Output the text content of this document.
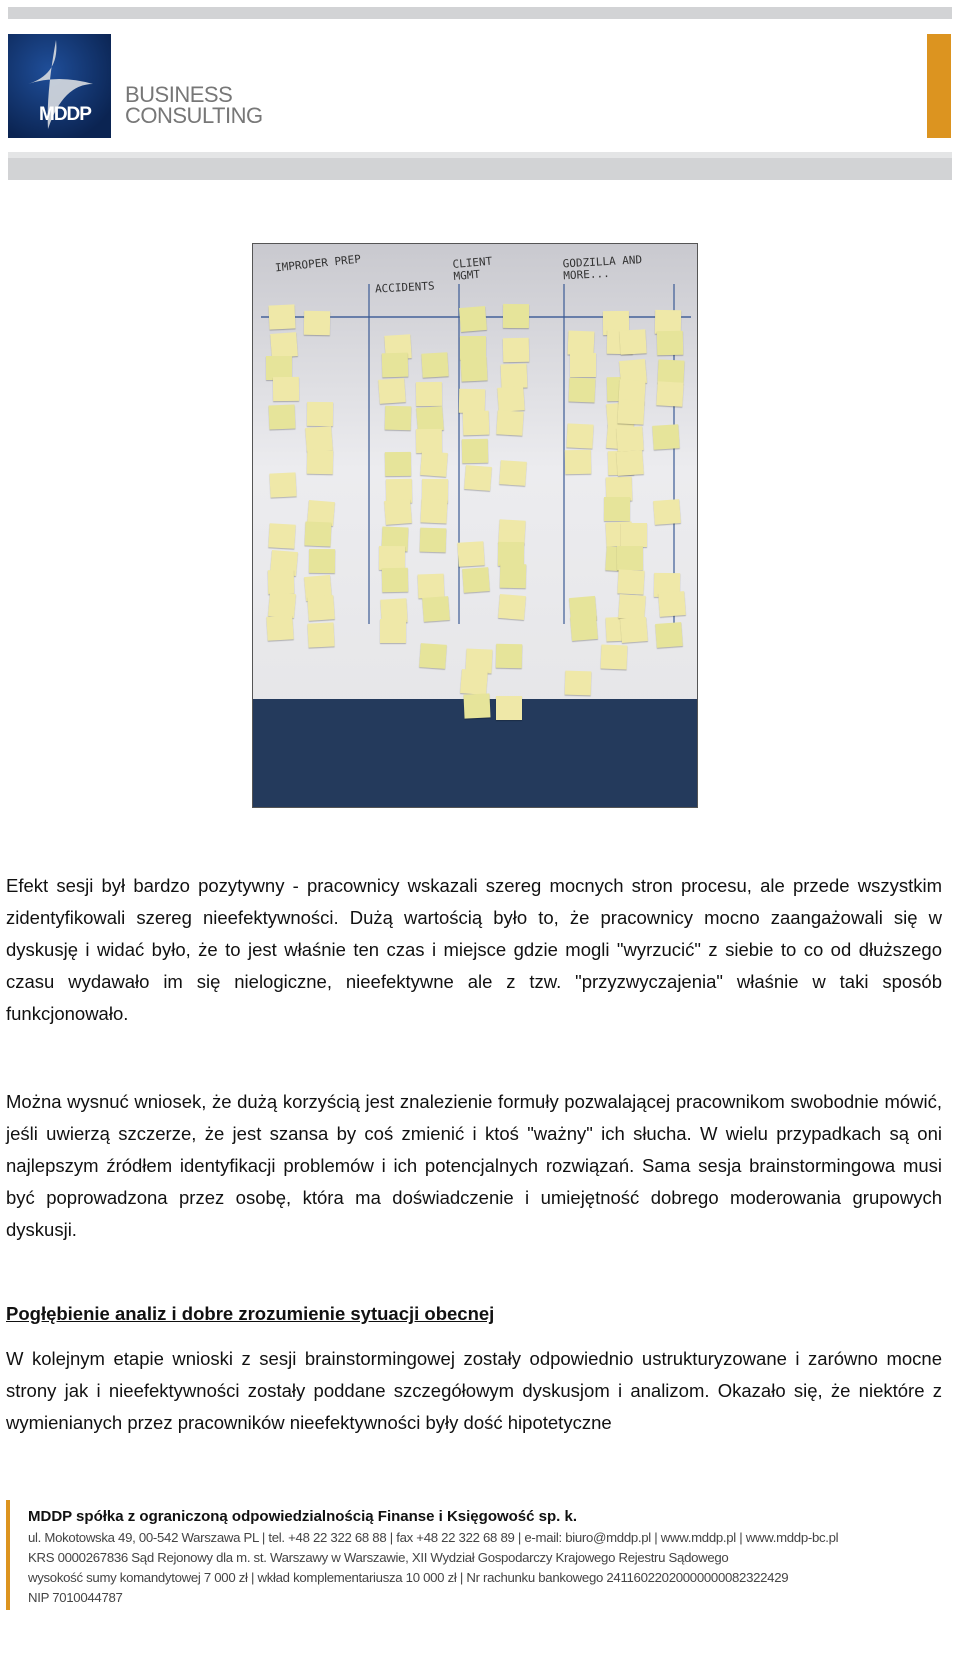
MDDP
BUSINESS
CONSULTING
IMPROPER PREP
ACCIDENTS
CLIENT MGMT
GODZILLA AND MORE...
Efekt sesji był bardzo pozytywny - pracownicy wskazali szereg mocnych stron procesu, ale przede wszystkim zidentyfikowali szereg nieefektywności. Dużą wartością było to, że pracownicy mocno zaangażowali się w dyskusję i widać było, że to jest właśnie ten czas i miejsce gdzie mogli "wyrzucić" z siebie to co od dłuższego czasu wydawało im się nielogiczne, nieefektywne ale z tzw. "przyzwyczajenia" właśnie w taki sposób funkcjonowało.
Można wysnuć wniosek, że dużą korzyścią jest znalezienie formuły pozwalającej pracownikom swobodnie mówić, jeśli uwierzą szczerze, że jest szansa by coś zmienić i ktoś "ważny" ich słucha. W wielu przypadkach są oni najlepszym źródłem identyfikacji problemów i ich potencjalnych rozwiązań. Sama sesja brainstormingowa musi być poprowadzona przez osobę, która ma doświadczenie i umiejętność dobrego moderowania grupowych dyskusji.
Pogłębienie analiz i dobre zrozumienie sytuacji obecnej
W kolejnym etapie wnioski z sesji brainstormingowej zostały odpowiednio ustrukturyzowane i zarówno mocne strony jak i nieefektywności zostały poddane szczegółowym dyskusjom i analizom. Okazało się, że niektóre z wymienianych przez pracowników nieefektywności były dość hipotetyczne
MDDP spółka z ograniczoną odpowiedzialnością Finanse i Księgowość sp. k.
ul. Mokotowska 49, 00-542 Warszawa PL | tel. +48 22 322 68 88 | fax +48 22 322 68 89 | e-mail: biuro@mddp.pl | www.mddp.pl | www.mddp-bc.pl
KRS 0000267836 Sąd Rejonowy dla m. st. Warszawy w Warszawie, XII Wydział Gospodarczy Krajowego Rejestru Sądowego
wysokość sumy komandytowej 7 000 zł | wkład komplementariusza 10 000 zł | Nr rachunku bankowego 24116022020000000082322429
NIP 7010044787
